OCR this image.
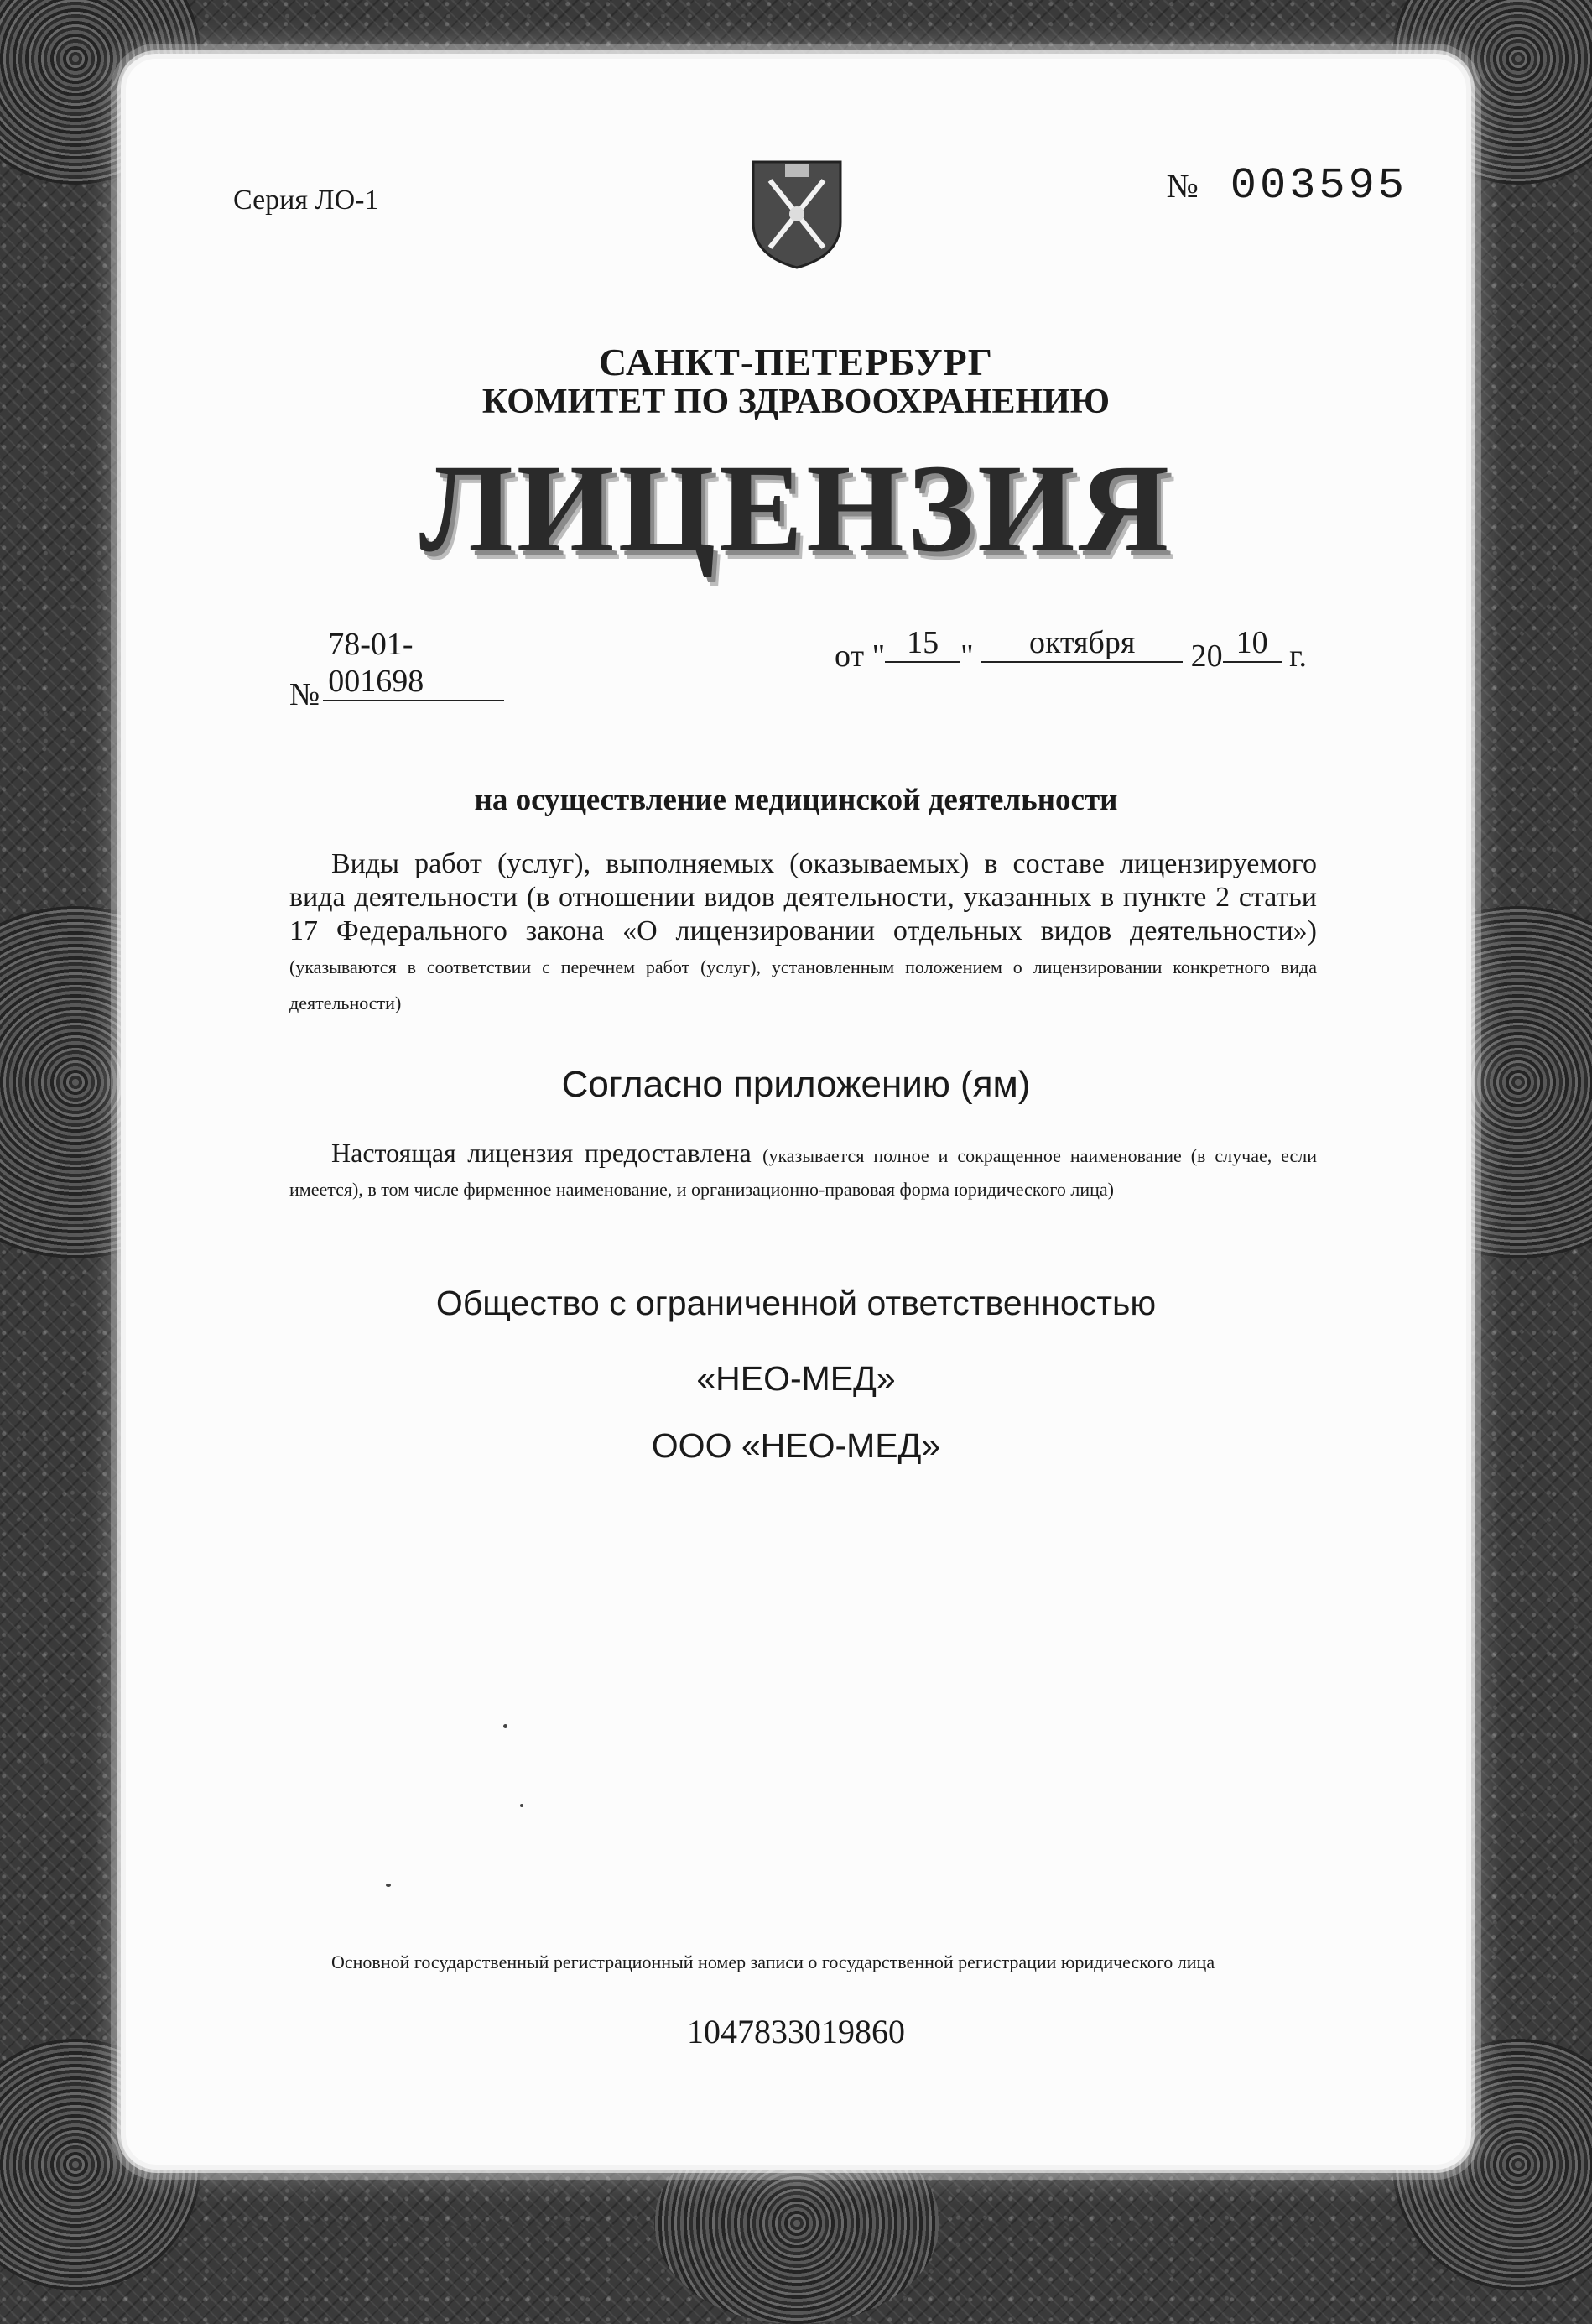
Серия ЛО-1	№ 003595
САНКТ-ПЕТЕРБУРГ
КОМИТЕТ ПО ЗДРАВООХРАНЕНИЮ
ЛИЦЕНЗИЯ
№78-01-001698
от " 15 " октября 20 10 г.
на осуществление медицинской деятельности
Виды работ (услуг), выполняемых (оказываемых) в составе лицензируемого вида деятельности (в отношении видов деятельности, указанных в пункте 2 статьи 17 Федерального закона «О лицензировании отдельных видов деятельности») (указываются в соответствии с перечнем работ (услуг), установленным положением о лицензировании конкретного вида деятельности)
Согласно приложению (ям)
Настоящая лицензия предоставлена (указывается полное и сокращенное наименование (в случае, если имеется), в том числе фирменное наименование, и организационно-правовая форма юридического лица)
Общество с ограниченной ответственностью
«НЕО-МЕД»
ООО «НЕО-МЕД»
Основной государственный регистрационный номер записи о государственной регистрации юридического лица
1047833019860
